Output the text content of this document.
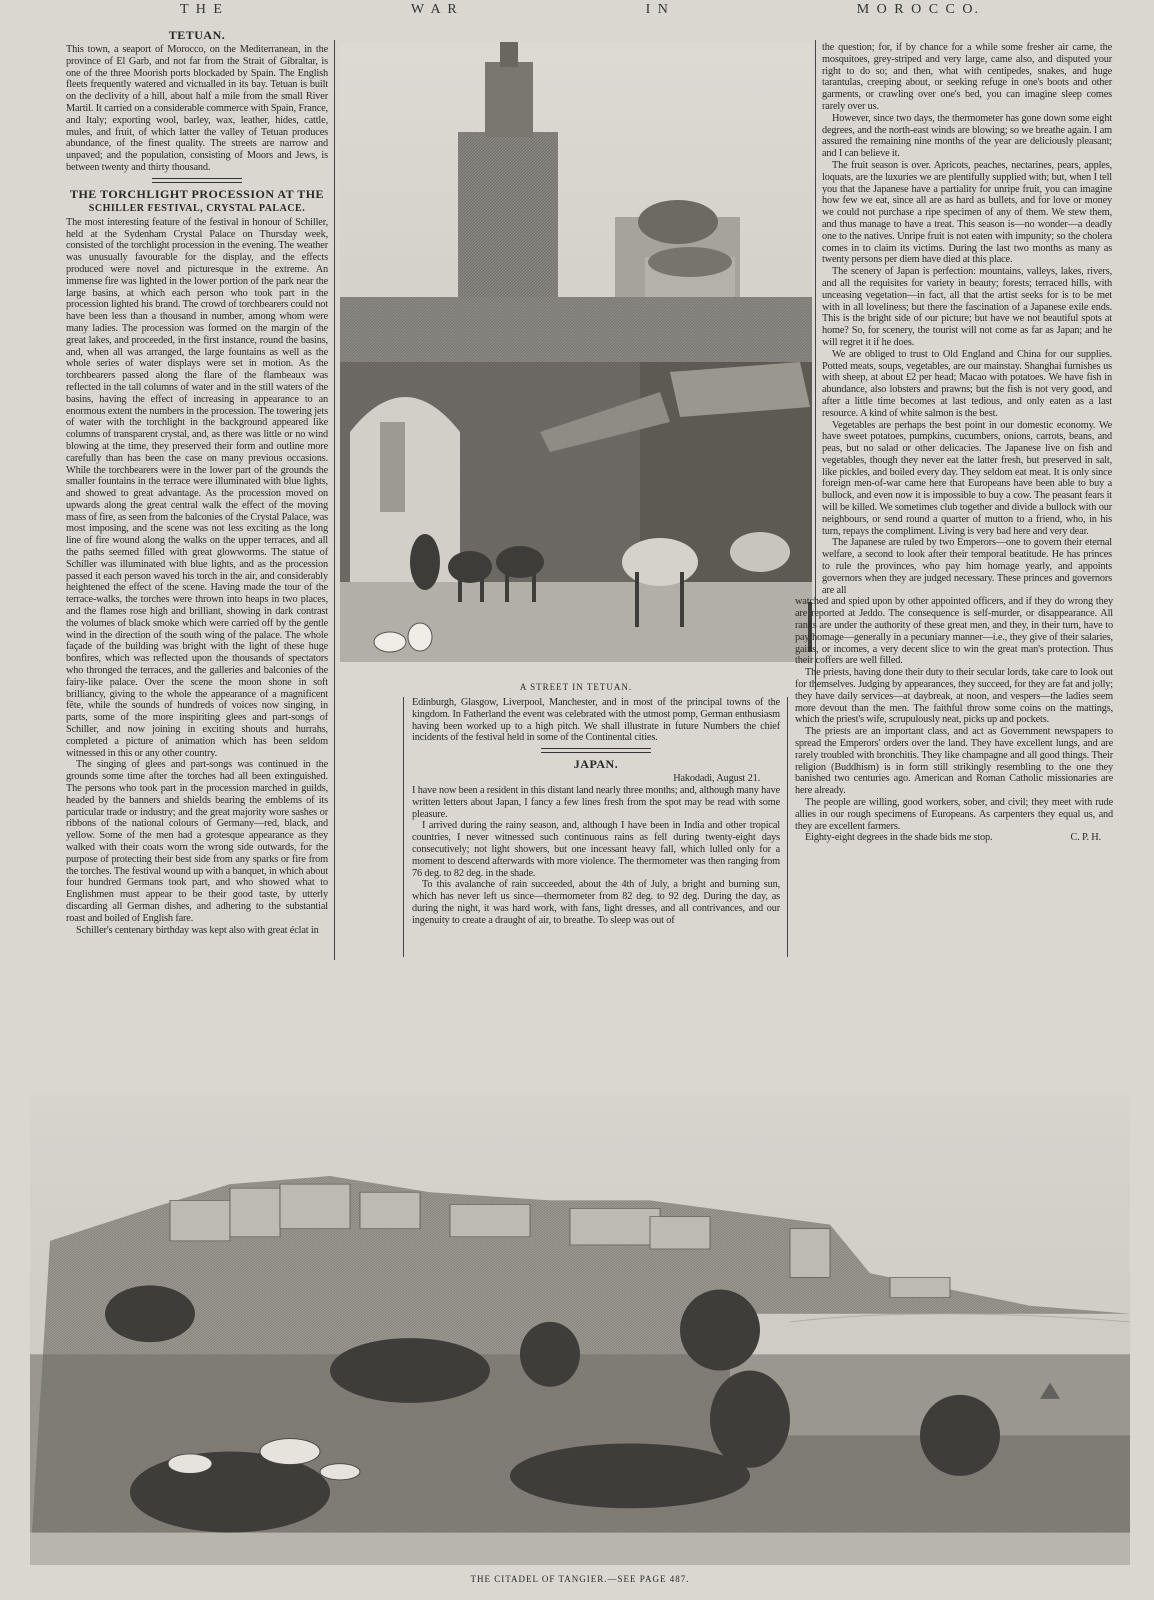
T H E	W A R	I N	M O R O C C O.
TETUAN.

This town, a seaport of Morocco, on the Mediterranean, in the province of El Garb, and not far from the Strait of Gibraltar, is one of the three Moorish ports blockaded by Spain. The English fleets frequently watered and victualled in its bay. Tetuan is built on the declivity of a hill, about half a mile from the small River Martil. It carried on a considerable commerce with Spain, France, and Italy; exporting wool, barley, wax, leather, hides, cattle, mules, and fruit, of which latter the valley of Tetuan produces abundance, of the finest quality. The streets are narrow and unpaved; and the population, consisting of Moors and Jews, is between twenty and thirty thousand.

THE TORCHLIGHT PROCESSION AT THE
SCHILLER FESTIVAL, CRYSTAL PALACE.

The most interesting feature of the festival in honour of Schiller, held at the Sydenham Crystal Palace on Thursday week, consisted of the torchlight procession in the evening. The weather was unusually favourable for the display, and the effects produced were novel and picturesque in the extreme. An immense fire was lighted in the lower portion of the park near the large basins, at which each person who took part in the procession lighted his brand. The crowd of torchbearers could not have been less than a thousand in number, among whom were many ladies. The procession was formed on the margin of the great lakes, and proceeded, in the first instance, round the basins, and, when all was arranged, the large fountains as well as the whole series of water displays were set in motion. As the torchbearers passed along the flare of the flambeaux was reflected in the tall columns of water and in the still waters of the basins, having the effect of increasing in appearance to an enormous extent the numbers in the procession. The towering jets of water with the torchlight in the background appeared like columns of transparent crystal, and, as there was little or no wind blowing at the time, they preserved their form and outline more carefully than has been the case on many previous occasions. While the torchbearers were in the lower part of the grounds the smaller fountains in the terrace were illuminated with blue lights, and showed to great advantage. As the procession moved on upwards along the great central walk the effect of the moving mass of fire, as seen from the balconies of the Crystal Palace, was most imposing, and the scene was not less exciting as the long line of fire wound along the walks on the upper terraces, and all the paths seemed filled with great glowworms. The statue of Schiller was illuminated with blue lights, and as the procession passed it each person waved his torch in the air, and considerably heightened the effect of the scene. Having made the tour of the terrace-walks, the torches were thrown into heaps in two places, and the flames rose high and brilliant, showing in dark contrast the volumes of black smoke which were carried off by the gentle wind in the direction of the south wing of the palace. The whole façade of the building was bright with the light of these huge bonfires, which was reflected upon the thousands of spectators who thronged the terraces, and the galleries and balconies of the fairy-like palace. Over the scene the moon shone in soft brilliancy, giving to the whole the appearance of a magnificent fête, while the sounds of hundreds of voices now singing, in parts, some of the more inspiriting glees and part-songs of Schiller, and now joining in exciting shouts and hurrahs, completed a picture of animation which has been seldom witnessed in this or any other country.

The singing of glees and part-songs was continued in the grounds some time after the torches had all been extinguished. The persons who took part in the procession marched in guilds, headed by the banners and shields bearing the emblems of its particular trade or industry; and the great majority wore sashes or ribbons of the national colours of Germany—red, black, and yellow. Some of the men had a grotesque appearance as they walked with their coats worn the wrong side outwards, for the purpose of protecting their best side from any sparks or fire from the torches. The festival wound up with a banquet, in which about four hundred Germans took part, and who showed what to Englishmen must appear to be their good taste, by utterly discarding all German dishes, and adhering to the substantial roast and boiled of English fare.

Schiller's centenary birthday was kept also with great éclat in

A STREET IN TETUAN.

the question; for, if by chance for a while some fresher air came, the mosquitoes, grey-striped and very large, came also, and disputed your right to do so; and then, what with centipedes, snakes, and huge tarantulas, creeping about, or seeking refuge in one's boots and other garments, or crawling over one's bed, you can imagine sleep comes rarely over us.

However, since two days, the thermometer has gone down some eight degrees, and the north-east winds are blowing; so we breathe again. I am assured the remaining nine months of the year are deliciously pleasant; and I can believe it.

The fruit season is over. Apricots, peaches, nectarines, pears, apples, loquats, are the luxuries we are plentifully supplied with; but, when I tell you that the Japanese have a partiality for unripe fruit, you can imagine how few we eat, since all are as hard as bullets, and for love or money we could not purchase a ripe specimen of any of them. We stew them, and thus manage to have a treat. This season is—no wonder—a deadly one to the natives. Unripe fruit is not eaten with impunity; so the cholera comes in to claim its victims. During the last two months as many as twenty persons per diem have died at this place.

The scenery of Japan is perfection: mountains, valleys, lakes, rivers, and all the requisites for variety in beauty; forests; terraced hills, with unceasing vegetation—in fact, all that the artist seeks for is to be met with in all loveliness; but there the fascination of a Japanese exile ends. This is the bright side of our picture; but have we not beautiful spots at home? So, for scenery, the tourist will not come as far as Japan; and he will regret it if he does.

We are obliged to trust to Old England and China for our supplies. Potted meats, soups, vegetables, are our mainstay. Shanghai furnishes us with sheep, at about £2 per head; Macao with potatoes. We have fish in abundance, also lobsters and prawns; but the fish is not very good, and after a little time becomes at last tedious, and only eaten as a last resource. A kind of white salmon is the best.

Vegetables are perhaps the best point in our domestic economy. We have sweet potatoes, pumpkins, cucumbers, onions, carrots, beans, and peas, but no salad or other delicacies. The Japanese live on fish and vegetables, though they never eat the latter fresh, but preserved in salt, like pickles, and boiled every day. They seldom eat meat. It is only since foreign men-of-war came here that Europeans have been able to buy a bullock, and even now it is impossible to buy a cow. The peasant fears it will be killed. We sometimes club together and divide a bullock with our neighbours, or send round a quarter of mutton to a friend, who, in his turn, repays the compliment. Living is very bad here and very dear.

The Japanese are ruled by two Emperors—one to govern their eternal welfare, a second to look after their temporal beatitude. He has princes to rule the provinces, who pay him homage yearly, and appoints governors when they are judged necessary. These princes and governors are all

watched and spied upon by other appointed officers, and if they do wrong they are reported at Jeddo. The consequence is self-murder, or disappearance. All ranks are under the authority of these great men, and they, in their turn, have to pay homage—generally in a pecuniary manner—i.e., they give of their salaries, gains, or incomes, a very decent slice to win the great man's protection. Thus their coffers are well filled.

The priests, having done their duty to their secular lords, take care to look out for themselves. Judging by appearances, they succeed, for they are fat and jolly; they have daily services—at daybreak, at noon, and vespers—the ladies seem more devout than the men. The faithful throw some coins on the mattings, which the priest's wife, scrupulously neat, picks up and pockets.

The priests are an important class, and act as Government newspapers to spread the Emperors' orders over the land. They have excellent lungs, and are rarely troubled with bronchitis. They like champagne and all good things. Their religion (Buddhism) is in form still strikingly resembling to the one they banished two centuries ago. American and Roman Catholic missionaries are here already.

The people are willing, good workers, sober, and civil; they meet with rude allies in our rough specimens of Europeans. As carpenters they equal us, and they are excellent farmers.

Eighty-eight degrees in the shade bids me stop.	C. P. H.

Edinburgh, Glasgow, Liverpool, Manchester, and in most of the principal towns of the kingdom. In Fatherland the event was celebrated with the utmost pomp, German enthusiasm having been worked up to a high pitch. We shall illustrate in future Numbers the chief incidents of the festival held in some of the Continental cities.

JAPAN.
Hakodadi, August 21.

I have now been a resident in this distant land nearly three months; and, although many have written letters about Japan, I fancy a few lines fresh from the spot may be read with some pleasure.

I arrived during the rainy season, and, although I have been in India and other tropical countries, I never witnessed such continuous rains as fell during twenty-eight days consecutively; not light showers, but one incessant heavy fall, which lulled only for a moment to descend afterwards with more violence. The thermometer was then ranging from 76 deg. to 82 deg. in the shade.

To this avalanche of rain succeeded, about the 4th of July, a bright and burning sun, which has never left us since—thermometer from 82 deg. to 92 deg. During the day, as during the night, it was hard work, with fans, light dresses, and all contrivances, and our ingenuity to create a draught of air, to breathe. To sleep was out of

THE CITADEL OF TANGIER.—SEE PAGE 487.
